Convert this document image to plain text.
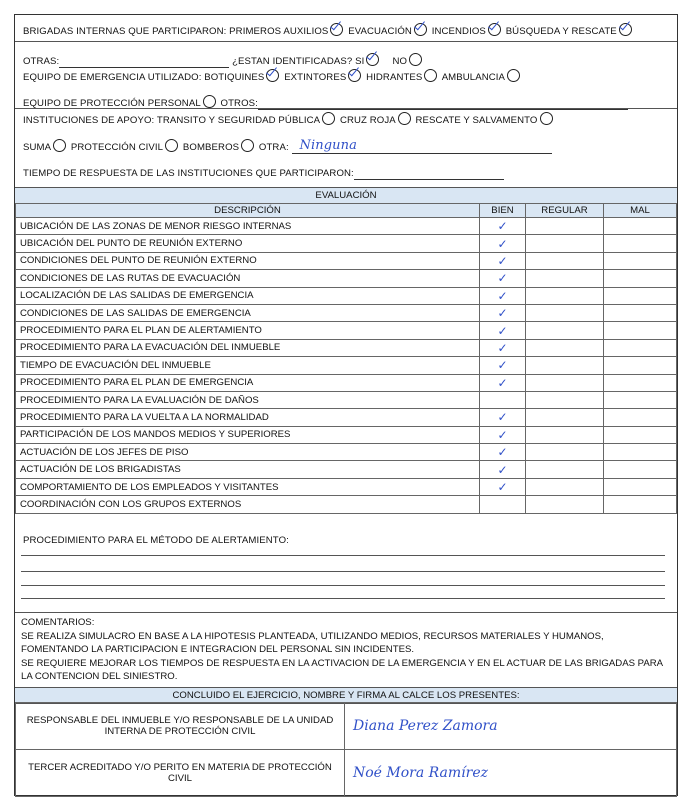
BRIGADAS INTERNAS QUE PARTICIPARON: PRIMEROS AUXILIOS EVACUACIÓN INCENDIOS BÚSQUEDA Y RESCATE
OTRAS:	¿ESTAN IDENTIFICADAS? SI	NO
EQUIPO DE EMERGENCIA UTILIZADO: BOTIQUINES EXTINTORES HIDRANTES AMBULANCIA
EQUIPO DE PROTECCIÓN PERSONAL OTROS:
INSTITUCIONES DE APOYO: TRANSITO Y SEGURIDAD PÚBLICA CRUZ ROJA RESCATE Y SALVAMENTO
SUMA PROTECCIÓN CIVIL BOMBEROS OTRA: Ninguna
TIEMPO DE RESPUESTA DE LAS INSTITUCIONES QUE PARTICIPARON:
EVALUACIÓN
DESCRIPCIÓN	BIEN	REGULAR	MAL
UBICACIÓN DE LAS ZONAS DE MENOR RIESGO INTERNAS	✓		
UBICACIÓN DEL PUNTO DE REUNIÓN EXTERNO	✓		
CONDICIONES DEL PUNTO DE REUNIÓN EXTERNO	✓		
CONDICIONES DE LAS RUTAS DE EVACUACIÓN	✓		
LOCALIZACIÓN DE LAS SALIDAS DE EMERGENCIA	✓		
CONDICIONES DE LAS SALIDAS DE EMERGENCIA	✓		
PROCEDIMIENTO PARA EL PLAN DE ALERTAMIENTO	✓		
PROCEDIMIENTO PARA LA EVACUACIÓN DEL INMUEBLE	✓		
TIEMPO DE EVACUACIÓN DEL INMUEBLE	✓		
PROCEDIMIENTO PARA EL PLAN DE EMERGENCIA	✓		
PROCEDIMIENTO PARA LA EVALUACIÓN DE DAÑOS			
PROCEDIMIENTO PARA LA VUELTA A LA NORMALIDAD	✓		
PARTICIPACIÓN DE LOS MANDOS MEDIOS Y SUPERIORES	✓		
ACTUACIÓN DE LOS JEFES DE PISO	✓		
ACTUACIÓN DE LOS BRIGADISTAS	✓		
COMPORTAMIENTO DE LOS EMPLEADOS Y VISITANTES	✓		
COORDINACIÓN CON LOS GRUPOS EXTERNOS			
PROCEDIMIENTO PARA EL MÉTODO DE ALERTAMIENTO:
COMENTARIOS:
SE REALIZA SIMULACRO EN BASE A LA HIPOTESIS PLANTEADA, UTILIZANDO MEDIOS, RECURSOS MATERIALES Y HUMANOS,
FOMENTANDO LA PARTICIPACION E INTEGRACION DEL PERSONAL SIN INCIDENTES.
SE REQUIERE MEJORAR LOS TIEMPOS DE RESPUESTA EN LA ACTIVACION DE LA EMERGENCIA Y EN EL ACTUAR DE LAS BRIGADAS PARA
LA CONTENCION DEL SINIESTRO.
CONCLUIDO EL EJERCICIO, NOMBRE Y FIRMA AL CALCE LOS PRESENTES:
RESPONSABLE DEL INMUEBLE Y/O RESPONSABLE DE LA UNIDAD INTERNA DE PROTECCIÓN CIVIL	Diana Perez Zamora
TERCER ACREDITADO Y/O PERITO EN MATERIA DE PROTECCIÓN CIVIL	Noé Mora Ramírez
